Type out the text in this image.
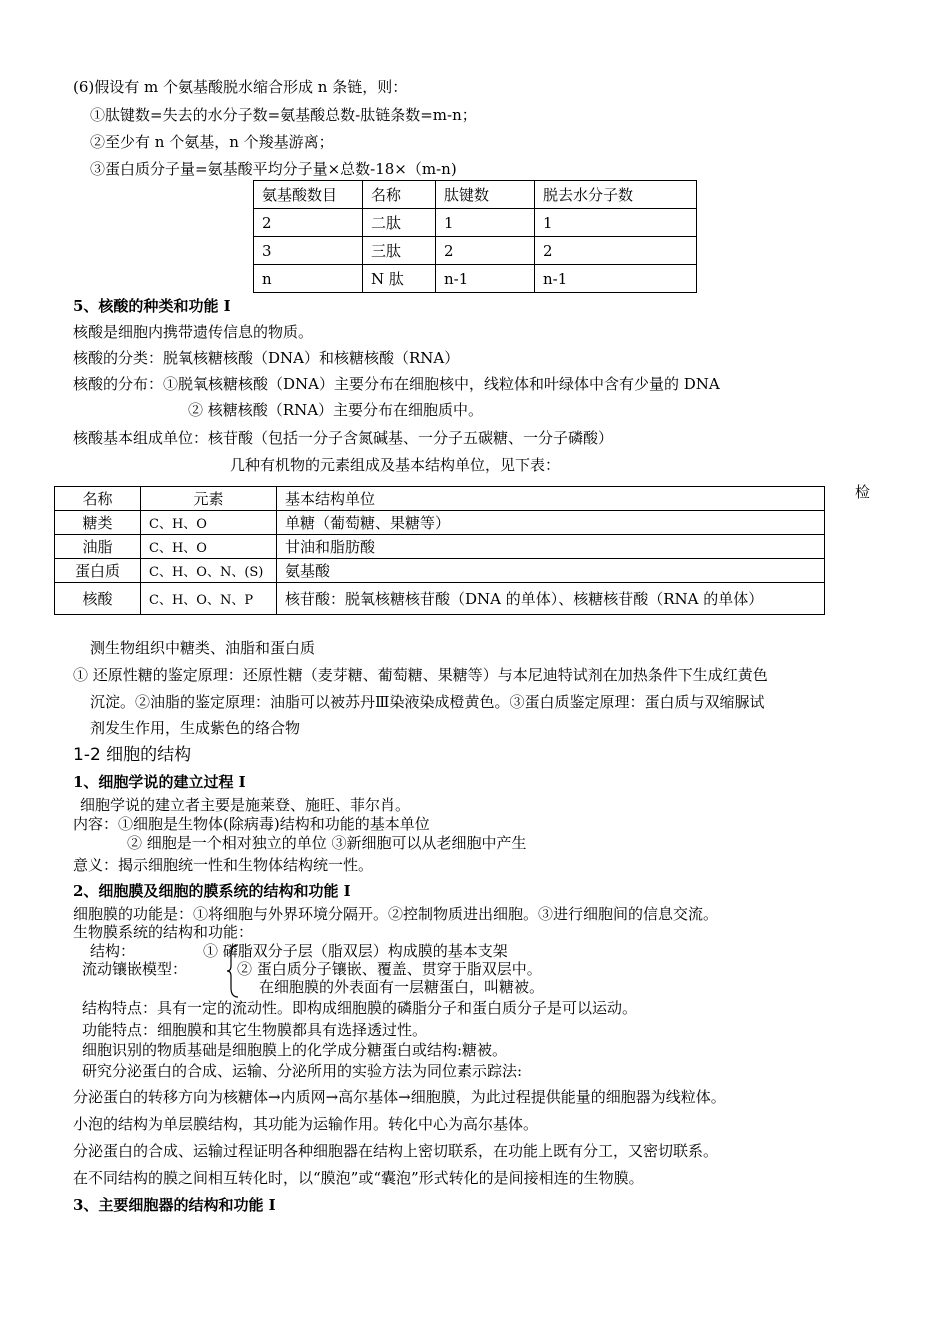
(6)假设有 m 个氨基酸脱水缩合形成 n 条链，则：
①肽键数=失去的水分子数=氨基酸总数-肽链条数=m-n；
②至少有 n 个氨基，n 个羧基游离；
③蛋白质分子量=氨基酸平均分子量×总数-18×（m-n)
氨基酸数目	名称	肽键数	脱去水分子数
2	二肽	1	1
3	三肽	2	2
n	N 肽	n-1	n-1
5、核酸的种类和功能 Ⅰ
核酸是细胞内携带遗传信息的物质。
核酸的分类：脱氧核糖核酸（DNA）和核糖核酸（RNA）
核酸的分布：①脱氧核糖核酸（DNA）主要分布在细胞核中，线粒体和叶绿体中含有少量的 DNA
② 核糖核酸（RNA）主要分布在细胞质中。
核酸基本组成单位：核苷酸（包括一分子含氮碱基、一分子五碳糖、一分子磷酸）
几种有机物的元素组成及基本结构单位，见下表：
检
名称	元素	基本结构单位
糖类	C、H、O	单糖（葡萄糖、果糖等）
油脂	C、H、O	甘油和脂肪酸
蛋白质	C、H、O、N、(S)	氨基酸
核酸	C、H、O、N、P	核苷酸：脱氧核糖核苷酸（DNA 的单体）、核糖核苷酸（RNA 的单体）
测生物组织中糖类、油脂和蛋白质
① 还原性糖的鉴定原理：还原性糖（麦芽糖、葡萄糖、果糖等）与本尼迪特试剂在加热条件下生成红黄色
沉淀。②油脂的鉴定原理：油脂可以被苏丹Ⅲ染液染成橙黄色。③蛋白质鉴定原理：蛋白质与双缩脲试
剂发生作用，生成紫色的络合物
1-2 细胞的结构
1、细胞学说的建立过程 Ⅰ
细胞学说的建立者主要是施莱登、施旺、菲尔肖。
内容：①细胞是生物体(除病毒)结构和功能的基本单位
② 细胞是一个相对独立的单位 ③新细胞可以从老细胞中产生
意义：揭示细胞统一性和生物体结构统一性。
2、细胞膜及细胞的膜系统的结构和功能 Ⅰ
细胞膜的功能是：①将细胞与外界环境分隔开。②控制物质进出细胞。③进行细胞间的信息交流。
生物膜系统的结构和功能：
结构：	① 磷脂双分子层（脂双层）构成膜的基本支架
流动镶嵌模型：	② 蛋白质分子镶嵌、覆盖、贯穿于脂双层中。
在细胞膜的外表面有一层糖蛋白，叫糖被。
结构特点：具有一定的流动性。即构成细胞膜的磷脂分子和蛋白质分子是可以运动。
功能特点：细胞膜和其它生物膜都具有选择透过性。
细胞识别的物质基础是细胞膜上的化学成分糖蛋白或结构:糖被。
研究分泌蛋白的合成、运输、分泌所用的实验方法为同位素示踪法:
分泌蛋白的转移方向为核糖体→内质网→高尔基体→细胞膜，为此过程提供能量的细胞器为线粒体。
小泡的结构为单层膜结构，其功能为运输作用。转化中心为高尔基体。
分泌蛋白的合成、运输过程证明各种细胞器在结构上密切联系，在功能上既有分工，又密切联系。
在不同结构的膜之间相互转化时，以“膜泡”或“囊泡”形式转化的是间接相连的生物膜。
3、主要细胞器的结构和功能 Ⅰ
